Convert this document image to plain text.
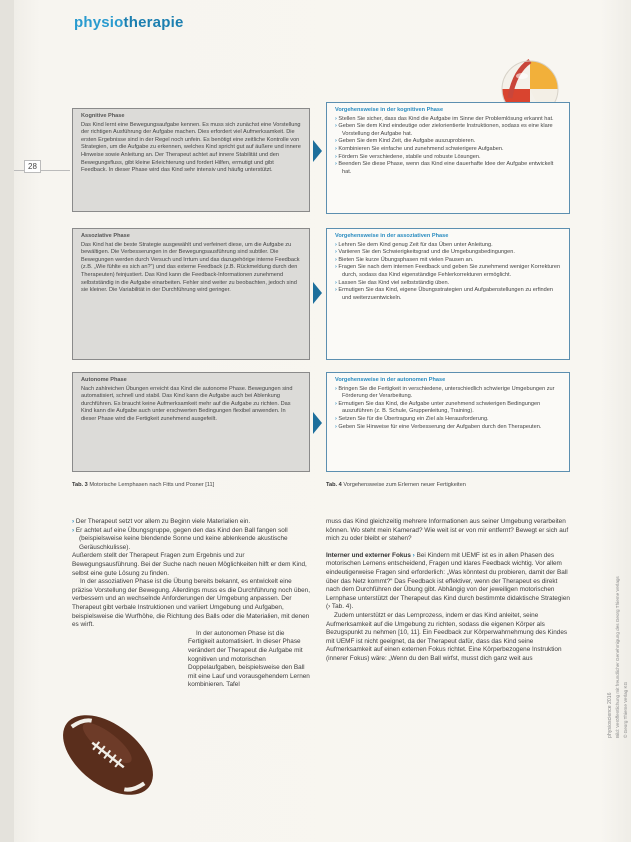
physiotherapie
28
Kognitive Phase
Das Kind lernt eine Bewegungsaufgabe kennen. Es muss sich zunächst eine Vorstellung der richtigen Ausführung der Aufgabe machen. Dies erfordert viel Aufmerksamkeit. Die ersten Ergebnisse sind in der Regel noch unfein. Es benötigt eine zeitliche Kontrolle von Strategien, um die Aufgabe zu erkennen, welches Kind spricht gut auf äußere und innere Hinweise sowie Anleitung an. Der Therapeut achtet auf innere Stabilität und den Bewegungsfluss, gibt kleine Erleichterung und fordert Hilfen, ermutigt und gibt Feedback. In dieser Phase wird das Kind sehr intensiv und häufig unterstützt.
Vorgehensweise in der kognitiven Phase
› Stellen Sie sicher, dass das Kind die Aufgabe im Sinne der Problemlösung erkannt hat.
› Geben Sie dem Kind eindeutige oder zielorientierte Instruktionen, sodass es eine klare Vorstellung der Aufgabe hat.
› Geben Sie dem Kind Zeit, die Aufgabe auszuprobieren.
› Kombinieren Sie einfache und zunehmend schwierigere Aufgaben.
› Fördern Sie verschiedene, stabile und robuste Lösungen.
› Beenden Sie diese Phase, wenn das Kind eine dauerhafte Idee der Aufgabe entwickelt hat.
Assoziative Phase
Das Kind hat die beste Strategie ausgewählt und verfeinert diese, um die Aufgabe zu bewältigen. Die Verbesserungen in der Bewegungsausführung sind subtiler. Die Bewegungen werden durch Versuch und Irrtum und das dazugehörige interne Feedback (z.B. „Wie fühlte es sich an?“) und das externe Feedback (z.B. Rückmeldung durch den Therapeuten) feinjustiert. Das Kind kann die Feedback-Informationen zunehmend selbstständig in die Aufgabe einarbeiten. Fehler sind weiter zu beobachten, jedoch sind sie kleiner. Die Variabilität in der Durchführung wird geringer.
Vorgehensweise in der assoziativen Phase
› Lehren Sie dem Kind genug Zeit für das Üben unter Anleitung.
› Variieren Sie den Schwierigkeitsgrad und die Umgebungsbedingungen.
› Bieten Sie kurze Übungsphasen mit vielen Pausen an.
› Fragen Sie nach dem internen Feedback und geben Sie zunehmend weniger Korrekturen durch, sodass das Kind eigenständige Fehlerkorrekturen ermöglicht.
› Lassen Sie das Kind viel selbstständig üben.
› Ermutigen Sie das Kind, eigene Übungsstrategien und Aufgabenstellungen zu erfinden und weiterzuentwickeln.
Autonome Phase
Nach zahlreichen Übungen erreicht das Kind die autonome Phase. Bewegungen sind automatisiert, schnell und stabil. Das Kind kann die Aufgabe auch bei Ablenkung durchführen. Es braucht keine Aufmerksamkeit mehr auf die Aufgabe zu richten. Das Kind kann die Aufgabe auch unter erschwerten Bedingungen flexibel anwenden. In dieser Phase wird die Fertigkeit zunehmend ausgefeilt.
Vorgehensweise in der autonomen Phase
› Bringen Sie die Fertigkeit in verschiedene, unterschiedlich schwierige Umgebungen zur Förderung der Verarbeitung.
› Ermutigen Sie das Kind, die Aufgabe unter zunehmend schwierigen Bedingungen auszuführen (z. B. Schule, Gruppenleitung, Training).
› Setzen Sie für die Übertragung ein Ziel als Herausforderung.
› Geben Sie Hinweise für eine Verbesserung der Aufgaben durch den Therapeuten.
Tab. 3 Motorische Lernphasen nach Fitts und Posner [11]	Tab. 4 Vorgehensweise zum Erlernen neuer Fertigkeiten

› Der Therapeut setzt vor allem zu Beginn viele Materialien ein.

› Er achtet auf eine Übungsgruppe, gegen den das Kind den Ball fangen soll (beispielsweise keine blendende Sonne und keine ablenkende akustische Geräuschkulisse).

Außerdem stellt der Therapeut Fragen zum Ergebnis und zur Bewegungsausführung. Bei der Suche nach neuen Möglichkeiten hilft er dem Kind, selbst eine gute Lösung zu finden.

In der assoziativen Phase ist die Übung bereits bekannt, es entwickelt eine präzise Vorstellung der Bewegung. Allerdings muss es die Durchführung noch üben, verbessern und an wechselnde Anforderungen der Umgebung anpassen. Der Therapeut gibt verbale Instruktionen und variiert Umgebung und Aufgaben, beispielsweise die Wurfhöhe, die Richtung des Balls oder die Materialien, mit denen es wirft.

In der autonomen Phase ist die Fertigkeit automatisiert. In dieser Phase verändert der Therapeut die Aufgabe mit kognitiven und motorischen Doppelaufgaben, beispielsweise den Ball mit eine Lauf und vorausgehendem Lernen kombinieren. Tafel

muss das Kind gleichzeitig mehrere Informationen aus seiner Umgebung verarbeiten können. Wo steht mein Kamerad? Wie weit ist er von mir entfernt? Bewegt er sich auf mich zu oder bleibt er stehen?

Interner und externer Fokus › Bei Kindern mit UEMF ist es in allen Phasen des motorischen Lernens entscheidend, Fragen und klares Feedback wichtig. Vor allem eindeutigerweise Fragen sind erforderlich: „Was könntest du probieren, damit der Ball über das Netz kommt?“ Das Feedback ist effektiver, wenn der Therapeut es direkt nach dem Durchführen der Übung gibt. Abhängig von der jeweiligen motorischen Lernphase unterstützt der Therapeut das Kind durch bestimmte didaktische Strategien (› Tab. 4).

Zudem unterstützt er das Lernprozess, indem er das Kind anleitet, seine Aufmerksamkeit auf die Umgebung zu richten, sodass die eigenen Körper als Bezugspunkt zu nehmen [10, 11]. Ein Feedback zur Körperwahrnehmung des Kindes mit UEMF ist nicht geeignet, da der Therapeut dafür, dass das Kind seine Aufmerksamkeit auf einen externen Fokus richtet. Eine Körperbezogene Instruktion (innerer Fokus) wäre: „Wenn du den Ball wirfst, musst dich ganz weit aus

physioscience 2016 Bild: Veröffentlichung mit freundlicher Genehmigung des Georg Thieme Verlags © Georg Thieme Verlag KG
